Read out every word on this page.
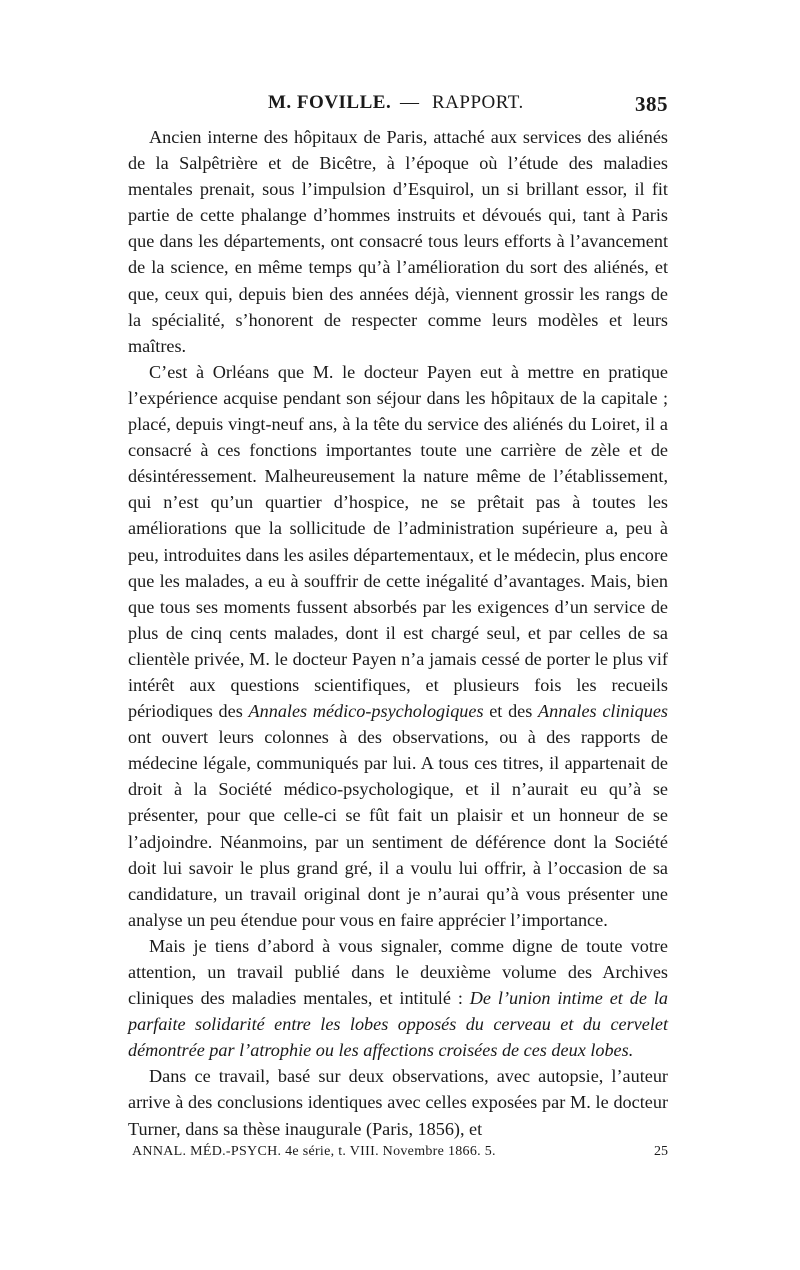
M. FOVILLE. — RAPPORT.	385

Ancien interne des hôpitaux de Paris, attaché aux services des aliénés de la Salpêtrière et de Bicêtre, à l’époque où l’étude des maladies mentales prenait, sous l’impulsion d’Esquirol, un si brillant essor, il fit partie de cette phalange d’hommes instruits et dévoués qui, tant à Paris que dans les départements, ont consacré tous leurs efforts à l’avancement de la science, en même temps qu’à l’amélioration du sort des aliénés, et que, ceux qui, depuis bien des années déjà, viennent grossir les rangs de la spécialité, s’honorent de respecter comme leurs modèles et leurs maîtres.

C’est à Orléans que M. le docteur Payen eut à mettre en pratique l’expérience acquise pendant son séjour dans les hôpitaux de la capitale ; placé, depuis vingt-neuf ans, à la tête du service des aliénés du Loiret, il a consacré à ces fonctions importantes toute une carrière de zèle et de désintéressement. Malheureusement la nature même de l’établissement, qui n’est qu’un quartier d’hospice, ne se prêtait pas à toutes les améliorations que la sollicitude de l’administration supérieure a, peu à peu, introduites dans les asiles départementaux, et le médecin, plus encore que les malades, a eu à souffrir de cette inégalité d’avantages. Mais, bien que tous ses moments fussent absorbés par les exigences d’un service de plus de cinq cents malades, dont il est chargé seul, et par celles de sa clientèle privée, M. le docteur Payen n’a jamais cessé de porter le plus vif intérêt aux questions scientifiques, et plusieurs fois les recueils périodiques des Annales médico-psychologiques et des Annales cliniques ont ouvert leurs colonnes à des observations, ou à des rapports de médecine légale, communiqués par lui. A tous ces titres, il appartenait de droit à la Société médico-psychologique, et il n’aurait eu qu’à se présenter, pour que celle-ci se fût fait un plaisir et un honneur de se l’adjoindre. Néanmoins, par un sentiment de déférence dont la Société doit lui savoir le plus grand gré, il a voulu lui offrir, à l’occasion de sa candidature, un travail original dont je n’aurai qu’à vous présenter une analyse un peu étendue pour vous en faire apprécier l’importance.

Mais je tiens d’abord à vous signaler, comme digne de toute votre attention, un travail publié dans le deuxième volume des Archives cliniques des maladies mentales, et intitulé : De l’union intime et de la parfaite solidarité entre les lobes opposés du cerveau et du cervelet démontrée par l’atrophie ou les affections croisées de ces deux lobes.

Dans ce travail, basé sur deux observations, avec autopsie, l’auteur arrive à des conclusions identiques avec celles exposées par M. le docteur Turner, dans sa thèse inaugurale (Paris, 1856), et

ANNAL. MÉD.-PSYCH. 4e série, t. VIII. Novembre 1866. 5.	25
